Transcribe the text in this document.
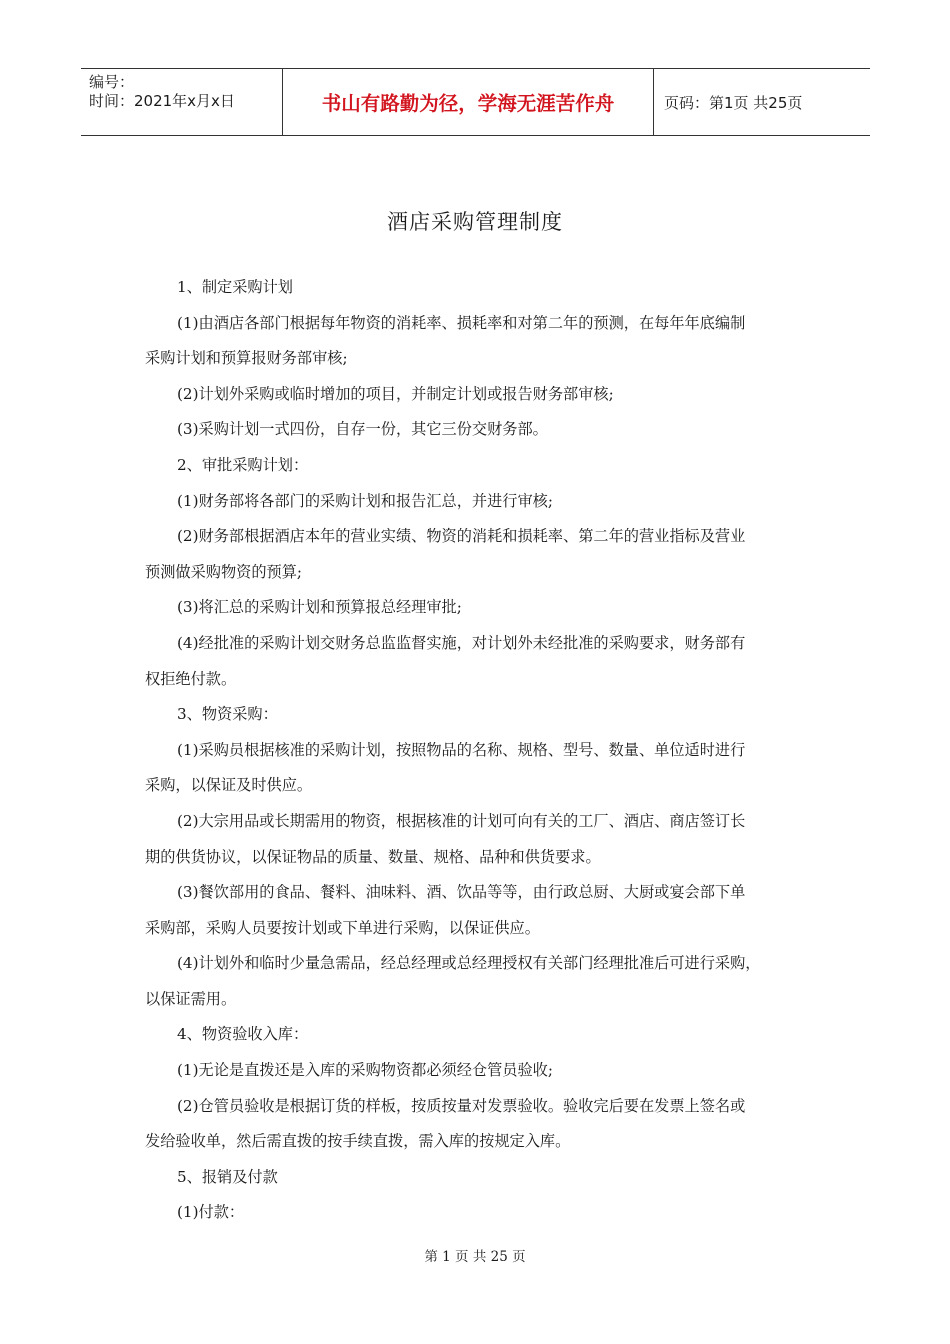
编号：
时间：2021年x月x日	书山有路勤为径，学海无涯苦作舟	页码：第1页 共25页
酒店采购管理制度

1、制定采购计划

(1)由酒店各部门根据每年物资的消耗率、损耗率和对第二年的预测，在每年年底编制

采购计划和预算报财务部审核;

(2)计划外采购或临时增加的项目，并制定计划或报告财务部审核;

(3)采购计划一式四份，自存一份，其它三份交财务部。

2、审批采购计划：

(1)财务部将各部门的采购计划和报告汇总，并进行审核;

(2)财务部根据酒店本年的营业实绩、物资的消耗和损耗率、第二年的营业指标及营业

预测做采购物资的预算;

(3)将汇总的采购计划和预算报总经理审批;

(4)经批准的采购计划交财务总监监督实施，对计划外未经批准的采购要求，财务部有

权拒绝付款。

3、物资采购：

(1)采购员根据核准的采购计划，按照物品的名称、规格、型号、数量、单位适时进行

采购，以保证及时供应。

(2)大宗用品或长期需用的物资，根据核准的计划可向有关的工厂、酒店、商店签订长

期的供货协议，以保证物品的质量、数量、规格、品种和供货要求。

(3)餐饮部用的食品、餐料、油味料、酒、饮品等等，由行政总厨、大厨或宴会部下单

采购部，采购人员要按计划或下单进行采购，以保证供应。

(4)计划外和临时少量急需品，经总经理或总经理授权有关部门经理批准后可进行采购，

以保证需用。

4、物资验收入库：

(1)无论是直拨还是入库的采购物资都必须经仓管员验收;

(2)仓管员验收是根据订货的样板，按质按量对发票验收。验收完后要在发票上签名或

发给验收单，然后需直拨的按手续直拨，需入库的按规定入库。

5、报销及付款

(1)付款：

第 1 页 共 25 页
